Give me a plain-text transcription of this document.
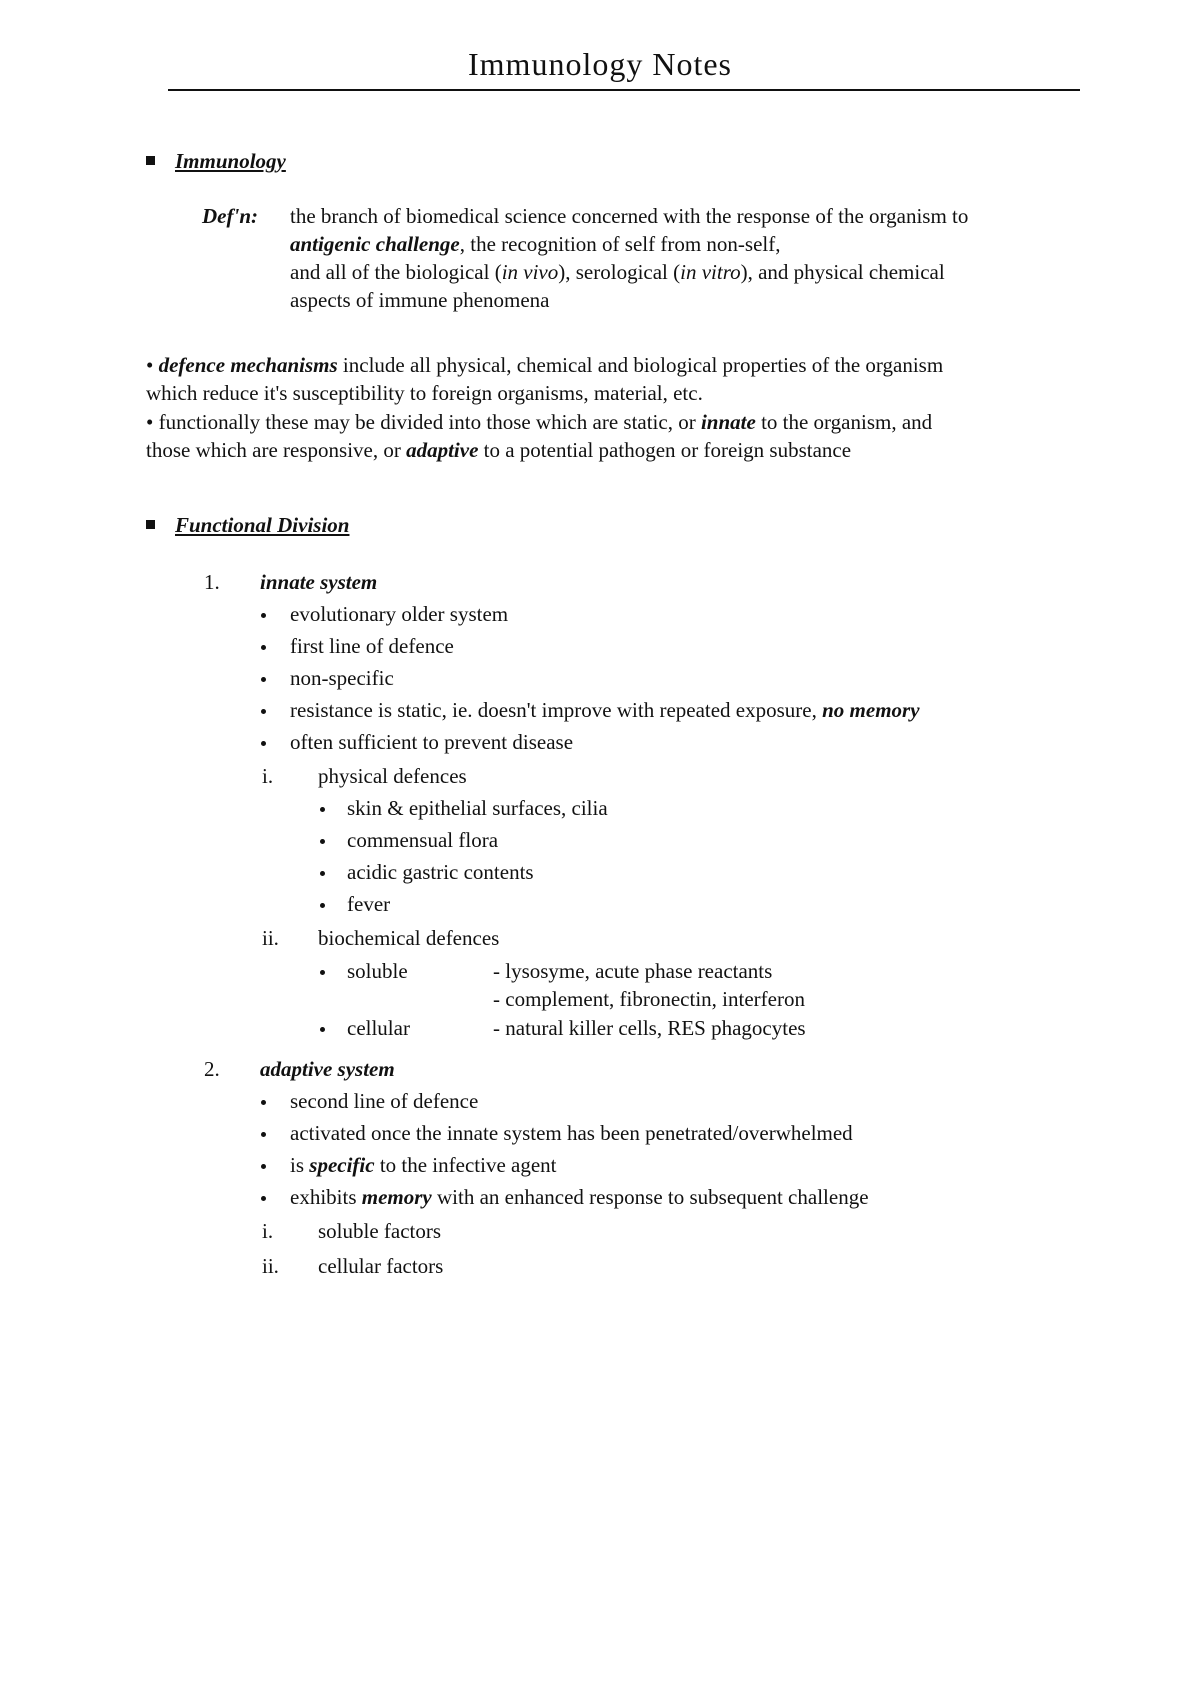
Immunology Notes
Immunology
Def'n: the branch of biomedical science concerned with the response of the organism to
antigenic challenge, the recognition of self from non-self,
and all of the biological (in vivo), serological (in vitro), and physical chemical
aspects of immune phenomena
• defence mechanisms include all physical, chemical and biological properties of the organism
which reduce it's susceptibility to foreign organisms, material, etc.
• functionally these may be divided into those which are static, or innate to the organism, and
those which are responsive, or adaptive to a potential pathogen or foreign substance
Functional Division
1. innate system
evolutionary older system
first line of defence
non-specific
resistance is static, ie. doesn't improve with repeated exposure, no memory
often sufficient to prevent disease
i. physical defences
skin & epithelial surfaces, cilia
commensual flora
acidic gastric contents
fever
ii. biochemical defences
soluble	- lysosyme, acute phase reactants
- complement, fibronectin, interferon
cellular	- natural killer cells, RES phagocytes
2. adaptive system
second line of defence
activated once the innate system has been penetrated/overwhelmed
is specific to the infective agent
exhibits memory with an enhanced response to subsequent challenge
i. soluble factors
ii. cellular factors
